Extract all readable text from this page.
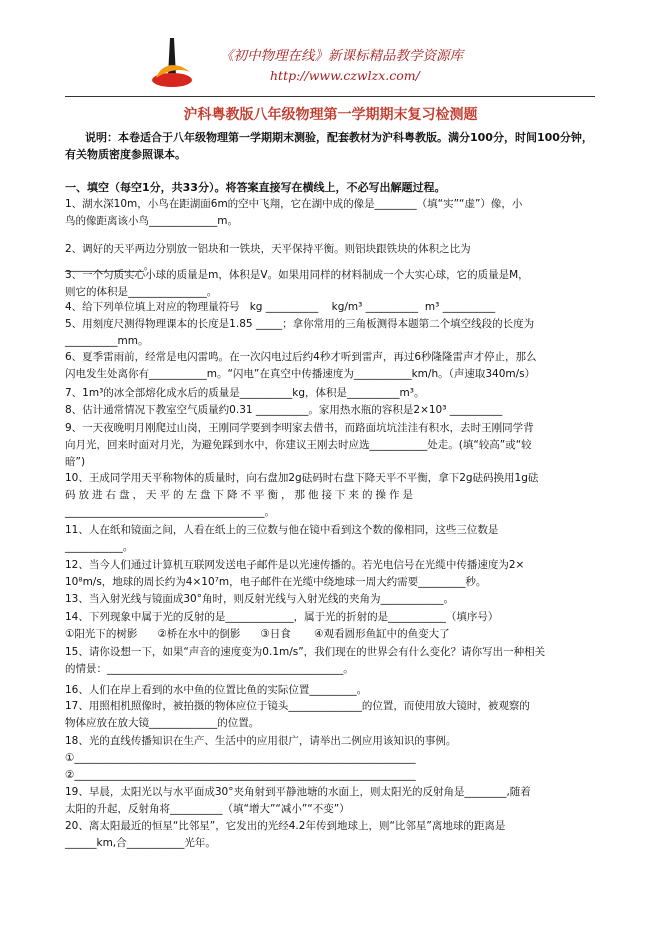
《初中物理在线》新课标精品教学资源库
http://www.czwlzx.com/
沪科粤教版八年级物理第一学期期末复习检测题
说明：本卷适合于八年级物理第一学期期末测验，配套教材为沪科粤教版。满分100分，时间100分钟，有关物质密度参照课本。
一、填空（每空1分，共33分）。将答案直接写在横线上，不必写出解题过程。
1、湖水深10m，小鸟在距湖面6m的空中飞翔，它在湖中成的像是________（填“实”“虚”）像，小
鸟的像距离该小鸟_____________m。

2、调好的天平两边分别放一铝块和一铁块，天平保持平衡。则铝块跟铁块的体积之比为
_______________。

3、一个匀质实心小球的质量是m，体积是V。如果用同样的材料制成一个大实心球，它的质量是M，
则它的体积是_______________。

4、给下列单位填上对应的物理量符号   kg __________    kg/m³ __________  m³ __________

5、用刻度尺测得物理课本的长度是1.85 _____；拿你常用的三角板测得本题第二个填空线段的长度为
__________mm。

6、夏季雷雨前，经常是电闪雷鸣。在一次闪电过后约4秒才听到雷声，再过6秒隆隆雷声才停止，那么
闪电发生处离你有___________m。“闪电”在真空中传播速度为___________km/h。（声速取340m/s）

7、1m³的冰全部熔化成水后的质量是__________kg，体积是__________m³。

8、估计通常情况下教室空气质量约0.31 __________。家用热水瓶的容积是2×10³ __________

9、一天夜晚明月刚爬过山岗，王刚同学要到李明家去借书，而路面坑坑洼洼有积水，去时王刚同学背
向月光，回来时面对月光，为避免踩到水中，你建议王刚去时应选___________处走。(填“较高”或“较
暗”)

10、王成同学用天平称物体的质量时，向右盘加2g砝码时右盘下降天平不平衡，拿下2g砝码换用1g砝
码放进右盘，天平的左盘下降不平衡，那他接下来的操作是
______________________________________。

11、人在纸和镜面之间，人看在纸上的三位数与他在镜中看到这个数的像相同，这些三位数是
___________。

12、当今人们通过计算机互联网发送电子邮件是以光速传播的。若光电信号在光缆中传播速度为2×
10⁸m/s，地球的周长约为4×10⁷m，电子邮件在光缆中绕地球一周大约需要_________秒。

13、当入射光线与镜面成30°角时，则反射光线与入射光线的夹角为____________。

14、下列现象中属于光的反射的是_____________，属于光的折射的是___________（填序号）
①阳光下的树影      ②桥在水中的倒影      ③日食       ④观看圆形鱼缸中的鱼变大了

15、请你设想一下，如果“声音的速度变为0.1m/s”，我们现在的世界会有什么变化？请你写出一种相关
的情景：_____________________________________________。

16、人们在岸上看到的水中鱼的位置比鱼的实际位置_________。

17、用照相机照像时，被拍摄的物体应位于镜头______________的位置，而使用放大镜时，被观察的
物体应放在放大镜_____________的位置。

18、光的直线传播知识在生产、生活中的应用很广，请举出二例应用该知识的事例。
①_________________________________________________________________
②_________________________________________________________________

19、早晨，太阳光以与水平面成30°夹角射到平静池塘的水面上，则太阳光的反射角是________,随着
太阳的升起，反射角将__________（填“增大”“减小”“不变”）

20、离太阳最近的恒星“比邻星”，它发出的光经4.2年传到地球上，则“比邻星”离地球的距离是
______km,合___________光年。
